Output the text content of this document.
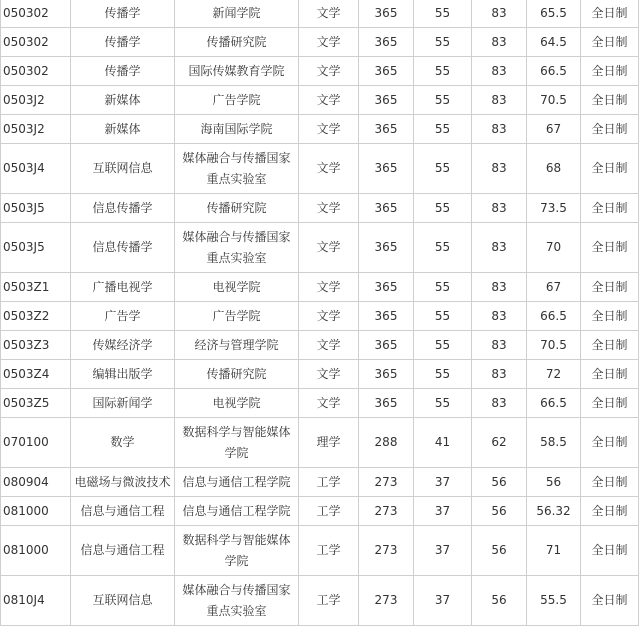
050302	传播学	新闻学院	文学	365	55	83	65.5	全日制
050302	传播学	传播研究院	文学	365	55	83	64.5	全日制
050302	传播学	国际传媒教育学院	文学	365	55	83	66.5	全日制
0503J2	新媒体	广告学院	文学	365	55	83	70.5	全日制
0503J2	新媒体	海南国际学院	文学	365	55	83	67	全日制
0503J4	互联网信息	媒体融合与传播国家重点实验室	文学	365	55	83	68	全日制
0503J5	信息传播学	传播研究院	文学	365	55	83	73.5	全日制
0503J5	信息传播学	媒体融合与传播国家重点实验室	文学	365	55	83	70	全日制
0503Z1	广播电视学	电视学院	文学	365	55	83	67	全日制
0503Z2	广告学	广告学院	文学	365	55	83	66.5	全日制
0503Z3	传媒经济学	经济与管理学院	文学	365	55	83	70.5	全日制
0503Z4	编辑出版学	传播研究院	文学	365	55	83	72	全日制
0503Z5	国际新闻学	电视学院	文学	365	55	83	66.5	全日制
070100	数学	数据科学与智能媒体学院	理学	288	41	62	58.5	全日制
080904	电磁场与微波技术	信息与通信工程学院	工学	273	37	56	56	全日制
081000	信息与通信工程	信息与通信工程学院	工学	273	37	56	56.32	全日制
081000	信息与通信工程	数据科学与智能媒体学院	工学	273	37	56	71	全日制
0810J4	互联网信息	媒体融合与传播国家重点实验室	工学	273	37	56	55.5	全日制
